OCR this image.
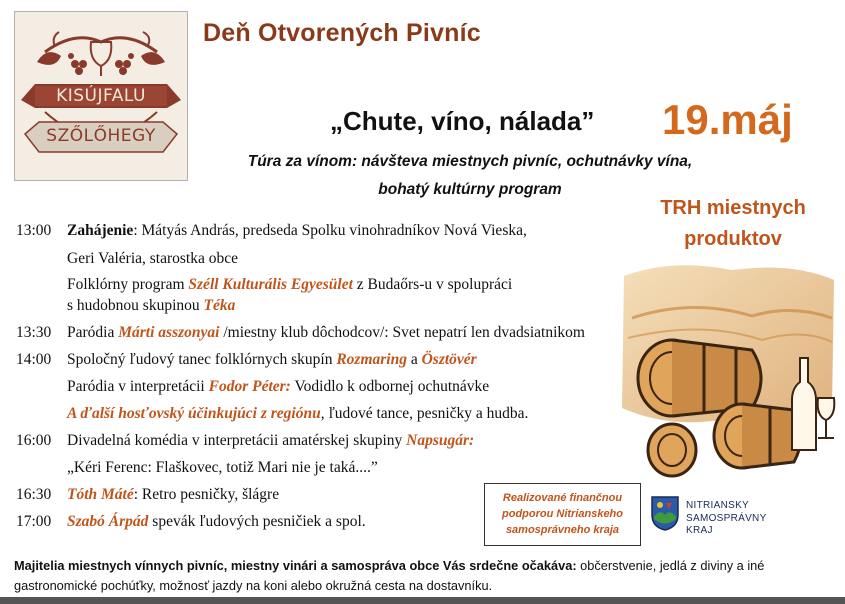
KISÚJFALU
SZŐLŐHEGY
Deň Otvorených Pivníc
„Chute, víno, nálada” 19.máj
Túra za vínom: návšteva miestnych pivníc, ochutnávky vína,
bohatý kultúrny program
TRH miestnych
produktov
13:00 Zahájenie: Mátyás András, predseda Spolku vinohradníkov Nová Vieska,
Geri Valéria, starostka obce
Folklórny program Széll Kulturális Egyesület z Budaőrs-u v spolupráci
s hudobnou skupinou Téka
13:30 Paródia Márti asszonyai /miestny klub dôchodcov/: Svet nepatrí len dvadsiatnikom
14:00 Spoločný ľudový tanec folklórnych skupín Rozmaring a Ösztövér
Paródia v interpretácii Fodor Péter: Vodidlo k odbornej ochutnávke
A ďalší hosťovský účinkujúci z regiónu, ľudové tance, pesničky a hudba.
16:00 Divadelná komédia v interpretácii amatérskej skupiny Napsugár:
„Kéri Ferenc: Flaškovec, totiž Mari nie je taká....”
16:30 Tóth Máté: Retro pesničky, šlágre
17:00 Szabó Árpád spevák ľudových pesničiek a spol.
Realizované finančnou
podporou Nitrianskeho
samosprávneho kraja
NITRIANSKY
SAMOSPRÁVNY
KRAJ
Majitelia miestnych vínnych pivníc, miestny vinári a samospráva obce Vás srdečne očakáva: občerstvenie, jedlá z diviny a iné gastronomické pochúťky, možnosť jazdy na koni alebo okružná cesta na dostavníku.
